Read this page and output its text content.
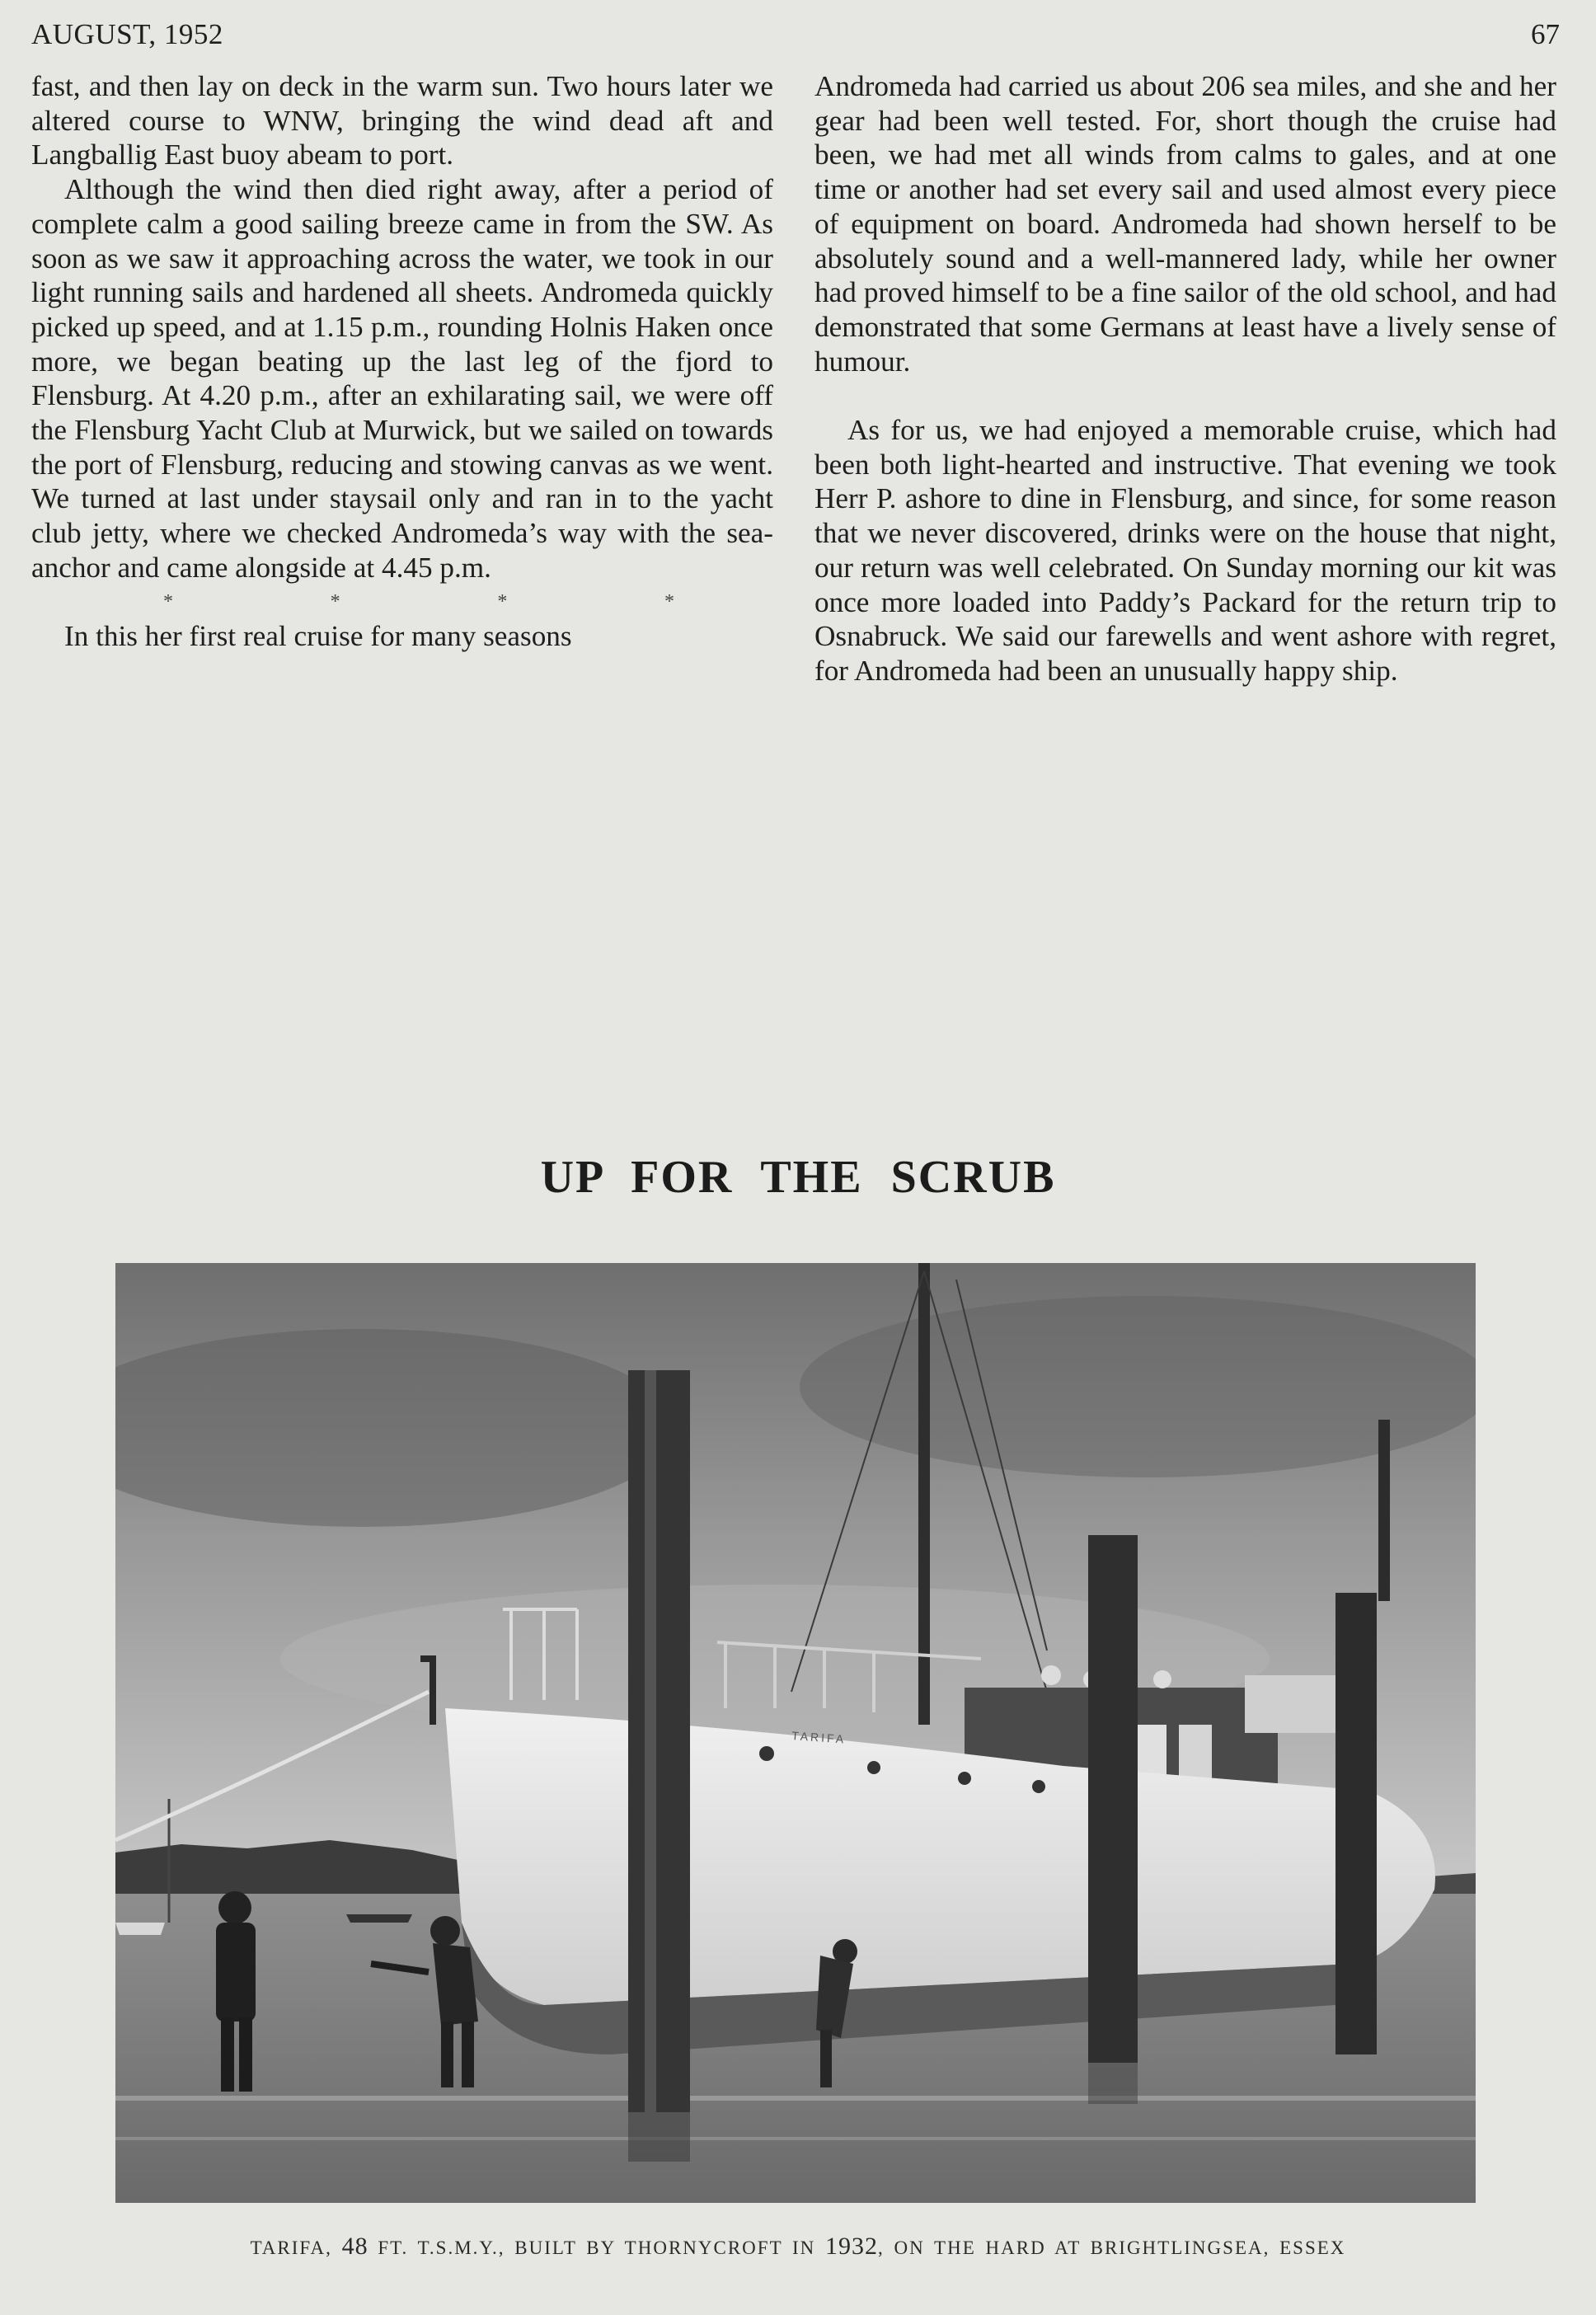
AUGUST, 1952	67

fast, and then lay on deck in the warm sun. Two hours later we altered course to WNW, bringing the wind dead aft and Langballig East buoy abeam to port.

Although the wind then died right away, after a period of complete calm a good sailing breeze came in from the SW. As soon as we saw it approaching across the water, we took in our light running sails and hardened all sheets. Andromeda quickly picked up speed, and at 1.15 p.m., rounding Holnis Haken once more, we began beating up the last leg of the fjord to Flensburg. At 4.20 p.m., after an exhilarating sail, we were off the Flensburg Yacht Club at Murwick, but we sailed on towards the port of Flensburg, reducing and stowing canvas as we went. We turned at last under staysail only and ran in to the yacht club jetty, where we checked Andromeda’s way with the sea-anchor and came alongside at 4.45 p.m.

*	*	*	*

In this her first real cruise for many seasons

Andromeda had carried us about 206 sea miles, and she and her gear had been well tested. For, short though the cruise had been, we had met all winds from calms to gales, and at one time or another had set every sail and used almost every piece of equipment on board. Andromeda had shown herself to be absolutely sound and a well-mannered lady, while her owner had proved himself to be a fine sailor of the old school, and had demonstrated that some Germans at least have a lively sense of humour.

As for us, we had enjoyed a memorable cruise, which had been both light-hearted and instructive. That evening we took Herr P. ashore to dine in Flensburg, and since, for some reason that we never discovered, drinks were on the house that night, our return was well celebrated. On Sunday morning our kit was once more loaded into Paddy’s Packard for the return trip to Osnabruck. We said our farewells and went ashore with regret, for Andromeda had been an unusually happy ship.

UP FOR THE SCRUB
TARIFA
TARIFA, 48 FT. T.S.M.Y., BUILT BY THORNYCROFT IN 1932, ON THE HARD AT BRIGHTLINGSEA, ESSEX
